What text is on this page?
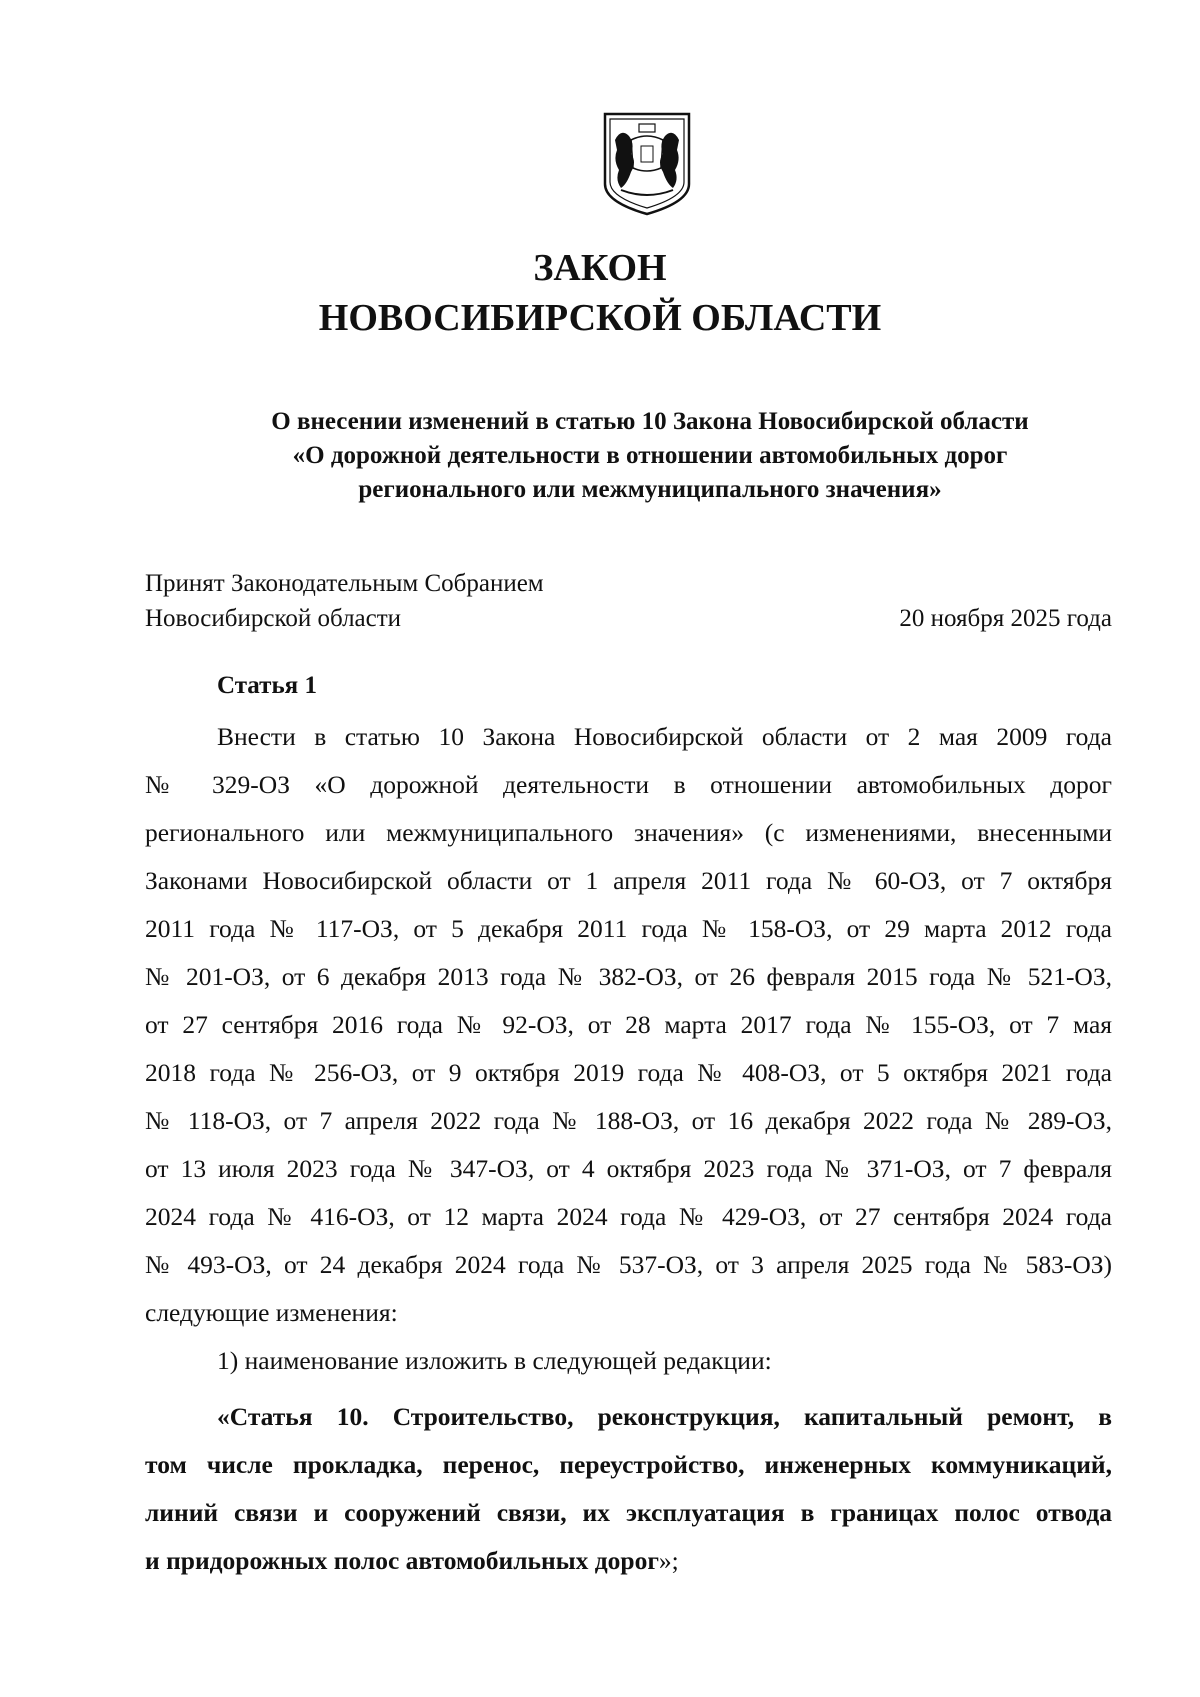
ЗАКОН
НОВОСИБИРСКОЙ ОБЛАСТИ
О внесении изменений в статью 10 Закона Новосибирской области
«О дорожной деятельности в отношении автомобильных дорог
регионального или межмуниципального значения»
Принят Законодательным Собранием
Новосибирской области	20 ноября 2025 года
Статья 1
Внести в статью 10 Закона Новосибирской области от 2 мая 2009 года
№ 329-ОЗ «О дорожной деятельности в отношении автомобильных дорог
регионального или межмуниципального значения» (с изменениями, внесенными
Законами Новосибирской области от 1 апреля 2011 года № 60-ОЗ, от 7 октября
2011 года № 117-ОЗ, от 5 декабря 2011 года № 158-ОЗ, от 29 марта 2012 года
№ 201-ОЗ, от 6 декабря 2013 года № 382-ОЗ, от 26 февраля 2015 года № 521-ОЗ,
от 27 сентября 2016 года № 92-ОЗ, от 28 марта 2017 года № 155-ОЗ, от 7 мая
2018 года № 256-ОЗ, от 9 октября 2019 года № 408-ОЗ, от 5 октября 2021 года
№ 118-ОЗ, от 7 апреля 2022 года № 188-ОЗ, от 16 декабря 2022 года № 289-ОЗ,
от 13 июля 2023 года № 347-ОЗ, от 4 октября 2023 года № 371-ОЗ, от 7 февраля
2024 года № 416-ОЗ, от 12 марта 2024 года № 429-ОЗ, от 27 сентября 2024 года
№ 493-ОЗ, от 24 декабря 2024 года № 537-ОЗ, от 3 апреля 2025 года № 583-ОЗ)
следующие изменения:
1) наименование изложить в следующей редакции:
«Статья 10. Строительство, реконструкция, капитальный ремонт, в
том числе прокладка, перенос, переустройство, инженерных коммуникаций,
линий связи и сооружений связи, их эксплуатация в границах полос отвода
и придорожных полос автомобильных дорог»;
